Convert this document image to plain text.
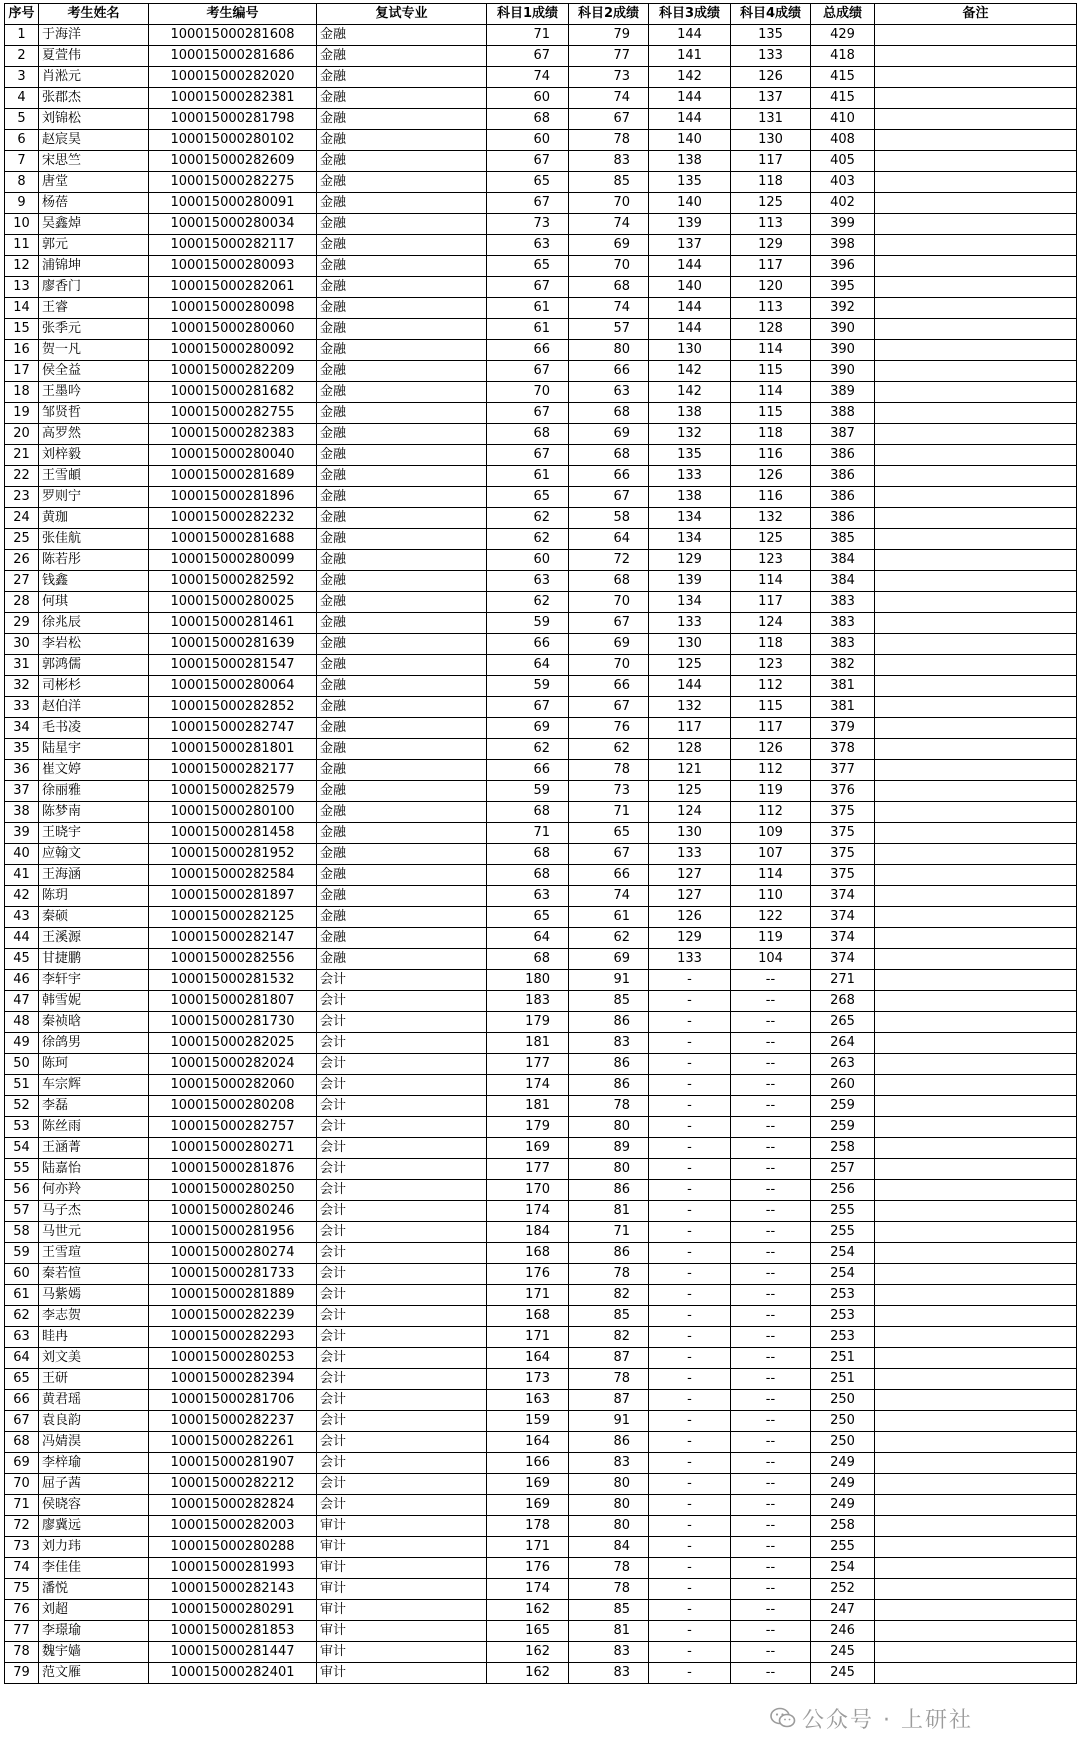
序号	考生姓名	考生编号	复试专业	科目1成绩	科目2成绩	科目3成绩	科目4成绩	总成绩	备注
1	于海洋	100015000281608	金融	71	79	144	135	429	
2	夏萱伟	100015000281686	金融	67	77	141	133	418	
3	肖淞元	100015000282020	金融	74	73	142	126	415	
4	张郡杰	100015000282381	金融	60	74	144	137	415	
5	刘锦松	100015000281798	金融	68	67	144	131	410	
6	赵宸昊	100015000280102	金融	60	78	140	130	408	
7	宋思竺	100015000282609	金融	67	83	138	117	405	
8	唐堂	100015000282275	金融	65	85	135	118	403	
9	杨蓓	100015000280091	金融	67	70	140	125	402	
10	吴鑫焯	100015000280034	金融	73	74	139	113	399	
11	郭元	100015000282117	金融	63	69	137	129	398	
12	浦锦坤	100015000280093	金融	65	70	144	117	396	
13	廖香门	100015000282061	金融	67	68	140	120	395	
14	王睿	100015000280098	金融	61	74	144	113	392	
15	张季元	100015000280060	金融	61	57	144	128	390	
16	贺一凡	100015000280092	金融	66	80	130	114	390	
17	侯全益	100015000282209	金融	67	66	142	115	390	
18	王墨吟	100015000281682	金融	70	63	142	114	389	
19	邹贤哲	100015000282755	金融	67	68	138	115	388	
20	高罗然	100015000282383	金融	68	69	132	118	387	
21	刘梓毅	100015000280040	金融	67	68	135	116	386	
22	王雪頔	100015000281689	金融	61	66	133	126	386	
23	罗则宁	100015000281896	金融	65	67	138	116	386	
24	黄珈	100015000282232	金融	62	58	134	132	386	
25	张佳航	100015000281688	金融	62	64	134	125	385	
26	陈若彤	100015000280099	金融	60	72	129	123	384	
27	钱鑫	100015000282592	金融	63	68	139	114	384	
28	何琪	100015000280025	金融	62	70	134	117	383	
29	徐兆辰	100015000281461	金融	59	67	133	124	383	
30	李岩松	100015000281639	金融	66	69	130	118	383	
31	郭鸿儒	100015000281547	金融	64	70	125	123	382	
32	司彬杉	100015000280064	金融	59	66	144	112	381	
33	赵伯洋	100015000282852	金融	67	67	132	115	381	
34	毛书凌	100015000282747	金融	69	76	117	117	379	
35	陆星宇	100015000281801	金融	62	62	128	126	378	
36	崔文婷	100015000282177	金融	66	78	121	112	377	
37	徐丽雅	100015000282579	金融	59	73	125	119	376	
38	陈梦南	100015000280100	金融	68	71	124	112	375	
39	王晓宇	100015000281458	金融	71	65	130	109	375	
40	应翰文	100015000281952	金融	68	67	133	107	375	
41	王海涵	100015000282584	金融	68	66	127	114	375	
42	陈玥	100015000281897	金融	63	74	127	110	374	
43	秦硕	100015000282125	金融	65	61	126	122	374	
44	王溪源	100015000282147	金融	64	62	129	119	374	
45	甘捷鹏	100015000282556	金融	68	69	133	104	374	
46	李轩宇	100015000281532	会计	180	91	-	--	271	
47	韩雪妮	100015000281807	会计	183	85	-	--	268	
48	秦祯晗	100015000281730	会计	179	86	-	--	265	
49	徐鸽男	100015000282025	会计	181	83	-	--	264	
50	陈珂	100015000282024	会计	177	86	-	--	263	
51	车宗辉	100015000282060	会计	174	86	-	--	260	
52	李磊	100015000280208	会计	181	78	-	--	259	
53	陈丝雨	100015000282757	会计	179	80	-	--	259	
54	王涵菁	100015000280271	会计	169	89	-	--	258	
55	陆嘉怡	100015000281876	会计	177	80	-	--	257	
56	何亦羚	100015000280250	会计	170	86	-	--	256	
57	马子杰	100015000280246	会计	174	81	-	--	255	
58	马世元	100015000281956	会计	184	71	-	--	255	
59	王雪瑄	100015000280274	会计	168	86	-	--	254	
60	秦若愃	100015000281733	会计	176	78	-	--	254	
61	马紫嫣	100015000281889	会计	171	82	-	--	253	
62	李志贺	100015000282239	会计	168	85	-	--	253	
63	眭冉	100015000282293	会计	171	82	-	--	253	
64	刘文美	100015000280253	会计	164	87	-	--	251	
65	王研	100015000282394	会计	173	78	-	--	251	
66	黄君瑶	100015000281706	会计	163	87	-	--	250	
67	袁良韵	100015000282237	会计	159	91	-	--	250	
68	冯婧淏	100015000282261	会计	164	86	-	--	250	
69	李梓瑜	100015000281907	会计	166	83	-	--	249	
70	屈子茜	100015000282212	会计	169	80	-	--	249	
71	侯晓容	100015000282824	会计	169	80	-	--	249	
72	廖冀远	100015000282003	审计	178	80	-	--	258	
73	刘力玮	100015000280288	审计	171	84	-	--	255	
74	李佳佳	100015000281993	审计	176	78	-	--	254	
75	潘悦	100015000282143	审计	174	78	-	--	252	
76	刘超	100015000280291	审计	162	85	-	--	247	
77	李璟瑜	100015000281853	审计	165	81	-	--	246	
78	魏宇嫱	100015000281447	审计	162	83	-	--	245	
79	范文雁	100015000282401	审计	162	83	-	--	245	
公众号 · 上研社
